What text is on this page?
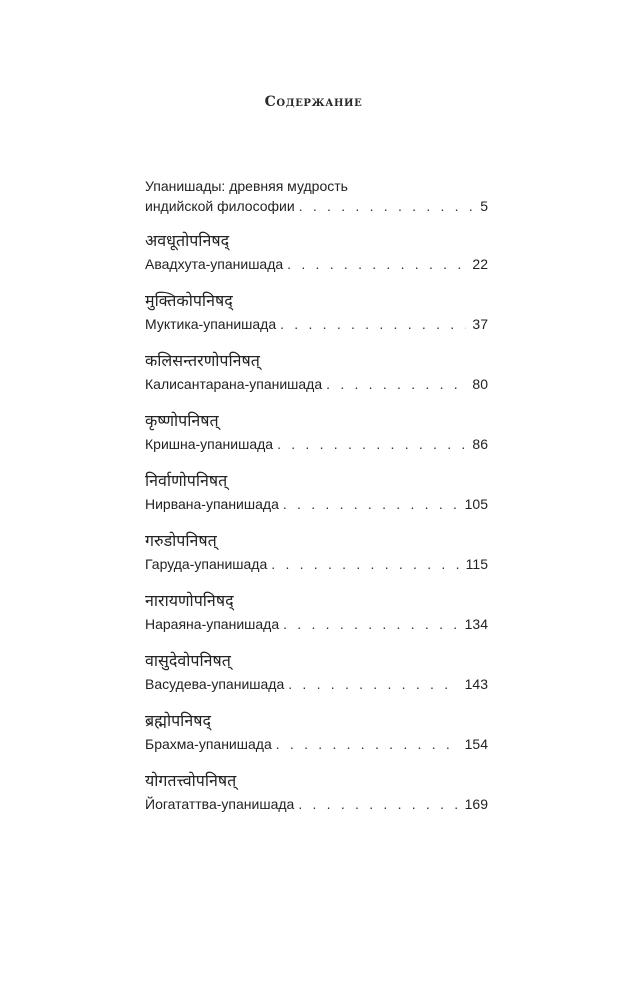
Содержание
Упанишады: древняя мудрость
индийской философии . . .	5
अवधूतोपनिषद्
Авадхута-упанишада . . .	22
मुक्तिकोपनिषद्
Муктика-упанишада . . .	37
कलिसन्तरणोपनिषत्
Калисантарана-упанишада . . .	80
कृष्णोपनिषत्
Кришна-упанишада . . .	86
निर्वाणोपनिषत्
Нирвана-упанишада . . .	105
गरुडोपनिषत्
Гаруда-упанишада . . .	115
नारायणोपनिषद्
Нараяна-упанишада . . .	134
वासुदेवोपनिषत्
Васудева-упанишада . . .	143
ब्रह्मोपनिषद्
Брахма-упанишада . . .	154
योगतत्त्वोपनिषत्
Йогататтва-упанишада . . .	169
